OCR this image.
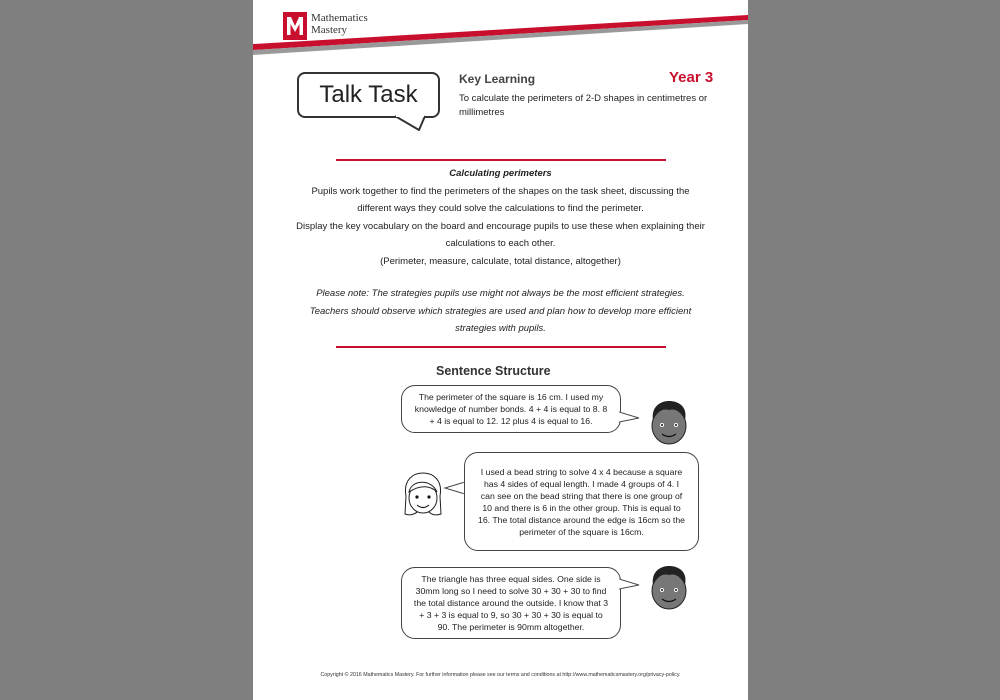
••••
Mathematics
Mastery
Talk Task
Key Learning	Year 3
To calculate the perimeters of 2-D shapes in centimetres or millimetres

Calculating perimeters

Pupils work together to find the perimeters of the shapes on the task sheet, discussing the

different ways they could solve the calculations to find the perimeter.

Display the key vocabulary on the board and encourage pupils to use these when explaining their

calculations to each other.

(Perimeter, measure, calculate, total distance, altogether)

Please note: The strategies pupils use might not always be the most efficient strategies.

Teachers should observe which strategies are used and plan how to develop more efficient

strategies with pupils.

Sentence Structure
The perimeter of the square is 16 cm. I used my knowledge of number bonds. 4 + 4 is equal to 8. 8 + 4 is equal to 12. 12 plus 4 is equal to 16.
I used a bead string to solve 4 x 4 because a square has 4 sides of equal length. I made 4 groups of 4. I can see on the bead string that there is one group of 10 and there is 6 in the other group. This is equal to 16. The total distance around the edge is 16cm so the perimeter of the square is 16cm.
The triangle has three equal sides. One side is 30mm long so I need to solve 30 + 30 + 30 to find the total distance around the outside. I know that 3 + 3 + 3 is equal to 9, so 30 + 30 + 30 is equal to 90. The perimeter is 90mm altogether.
Copyright © 2016 Mathematics Mastery. For further information please see our terms and conditions at http://www.mathematicsmastery.org/privacy-policy.
